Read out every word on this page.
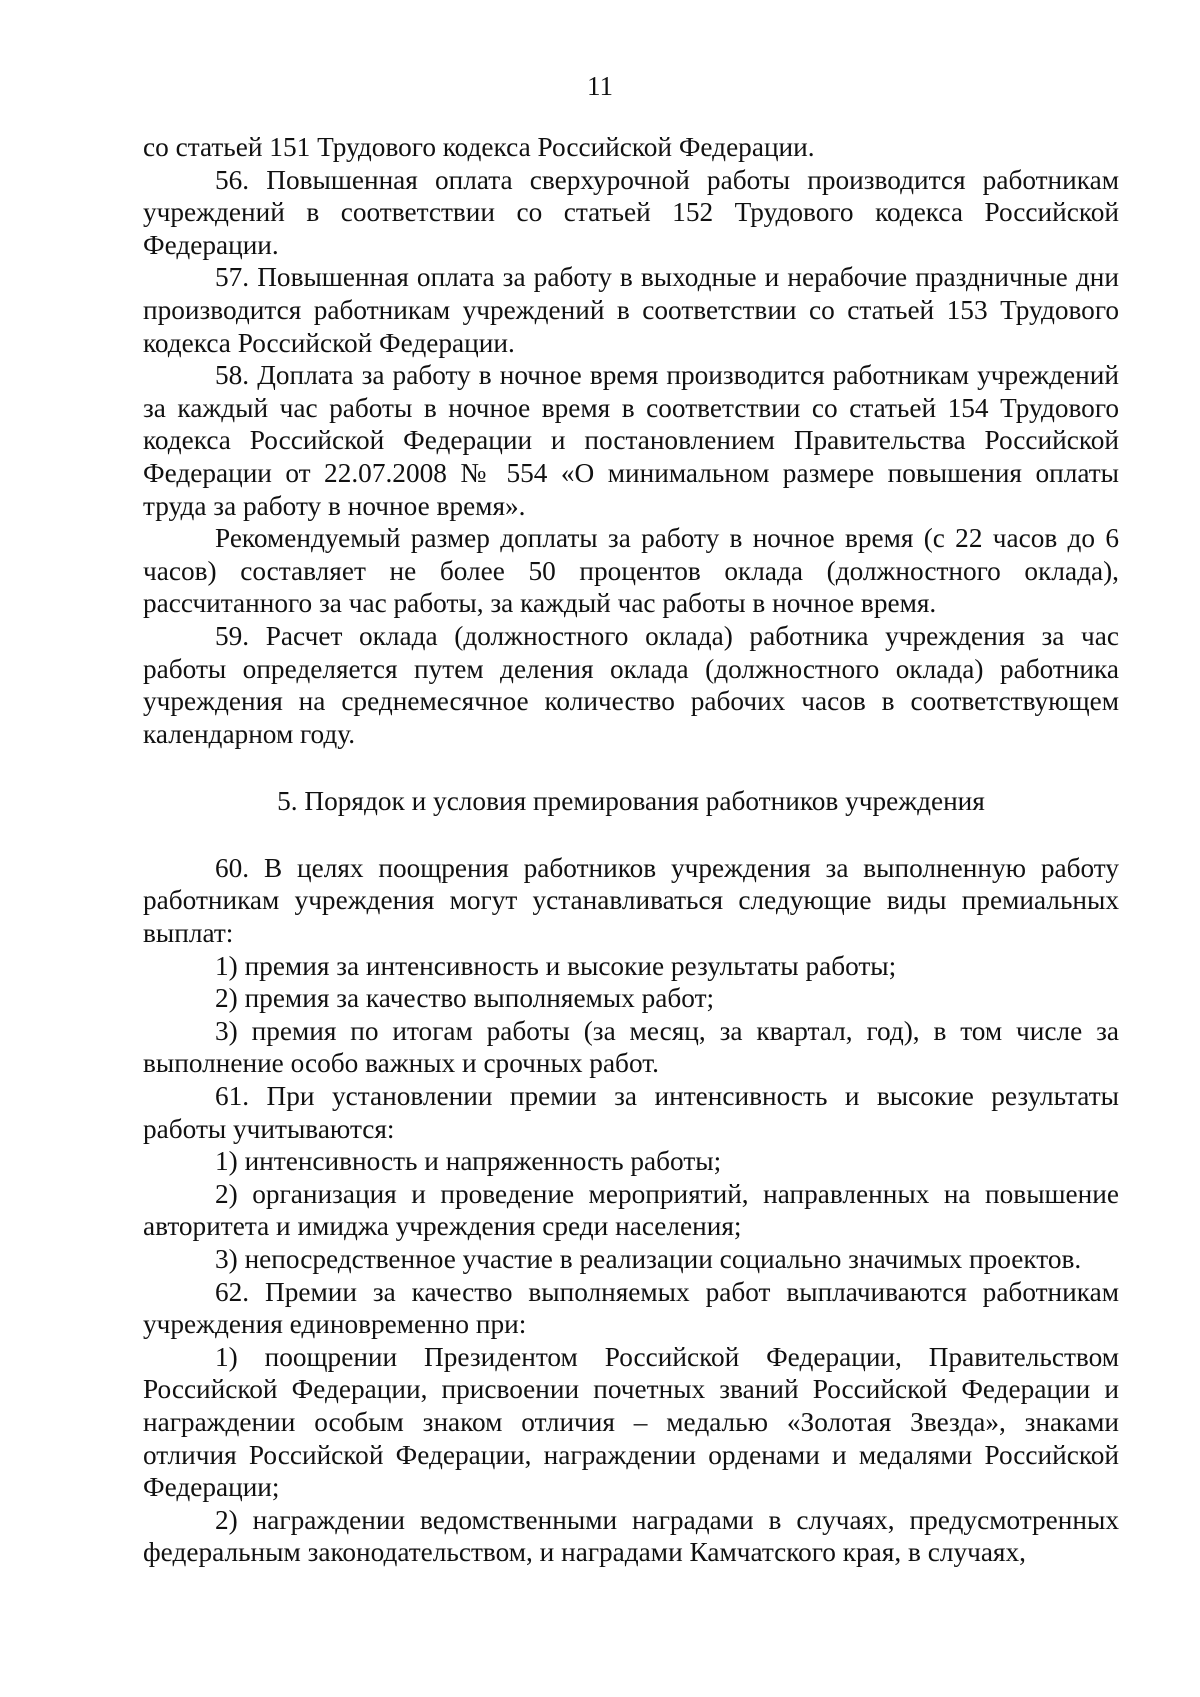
11

со статьей 151 Трудового кодекса Российской Федерации.

56. Повышенная оплата сверхурочной работы производится работникам учреждений в соответствии со статьей 152 Трудового кодекса Российской Федерации.

57. Повышенная оплата за работу в выходные и нерабочие праздничные дни производится работникам учреждений в соответствии со статьей 153 Трудового кодекса Российской Федерации.

58. Доплата за работу в ночное время производится работникам учреждений за каждый час работы в ночное время в соответствии со статьей 154 Трудового кодекса Российской Федерации и постановлением Правительства Российской Федерации от 22.07.2008 № 554 «О минимальном размере повышения оплаты труда за работу в ночное время».

Рекомендуемый размер доплаты за работу в ночное время (с 22 часов до 6 часов) составляет не более 50 процентов оклада (должностного оклада), рассчитанного за час работы, за каждый час работы в ночное время.

59. Расчет оклада (должностного оклада) работника учреждения за час работы определяется путем деления оклада (должностного оклада) работника учреждения на среднемесячное количество рабочих часов в соответствующем календарном году.

5. Порядок и условия премирования работников учреждения

60. В целях поощрения работников учреждения за выполненную работу работникам учреждения могут устанавливаться следующие виды премиальных выплат:

1) премия за интенсивность и высокие результаты работы;

2) премия за качество выполняемых работ;

3) премия по итогам работы (за месяц, за квартал, год), в том числе за выполнение особо важных и срочных работ.

61. При установлении премии за интенсивность и высокие результаты работы учитываются:

1) интенсивность и напряженность работы;

2) организация и проведение мероприятий, направленных на повышение авторитета и имиджа учреждения среди населения;

3) непосредственное участие в реализации социально значимых проектов.

62. Премии за качество выполняемых работ выплачиваются работникам учреждения единовременно при:

1) поощрении Президентом Российской Федерации, Правительством Российской Федерации, присвоении почетных званий Российской Федерации и награждении особым знаком отличия – медалью «Золотая Звезда», знаками отличия Российской Федерации, награждении орденами и медалями Российской Федерации;

2) награждении ведомственными наградами в случаях, предусмотренных федеральным законодательством, и наградами Камчатского края, в случаях,
